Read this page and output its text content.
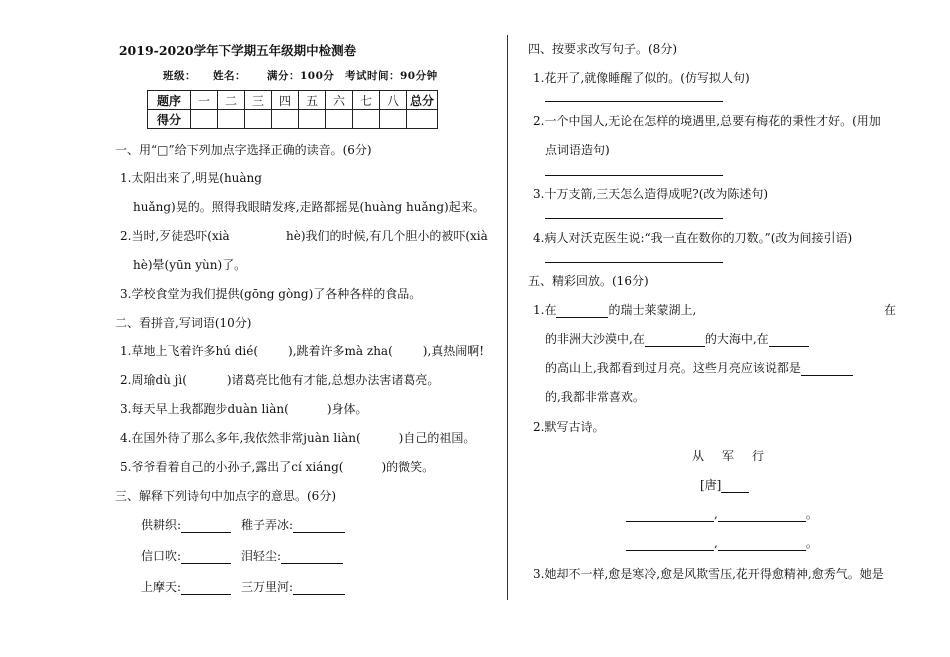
2019-2020学年下学期五年级期中检测卷
班级： 姓名： 满分：100分 考试时间：90分钟
题序	一	二	三	四	五	六	七	八	总分
得分									
一、用“□”给下列加点字选择正确的读音。(6分)
1.太阳出来了,明晃(huàng
huǎng)晃的。照得我眼睛发疼,走路都摇晃(huàng huǎng)起来。
2.当时,歹徒恐吓(xià	hè)我们的时候,有几个胆小的被吓(xià
hè)晕(yūn yùn)了。
3.学校食堂为我们提供(gōng gòng)了各种各样的食品。
二、看拼音,写词语(10分)
1.草地上飞着许多hú dié(	),跳着许多mà zha(	),真热闹啊!
2.周瑜dù jì(	)诸葛亮比他有才能,总想办法害诸葛亮。
3.每天早上我都跑步duàn liàn(	)身体。
4.在国外待了那么多年,我依然非常juàn liàn(	)自己的祖国。
5.爷爷看着自己的小孙子,露出了cí xiáng(	)的微笑。
三、解释下列诗句中加点字的意思。(6分)
供耕织:	稚子弄冰:
信口吹:	泪轻尘:
上摩天:	三万里河:
四、按要求改写句子。(8分)
1.花开了,就像睡醒了似的。(仿写拟人句)
2.一个中国人,无论在怎样的境遇里,总要有梅花的秉性才好。(用加
点词语造句)
3.十万支箭,三天怎么造得成呢?(改为陈述句)
4.病人对沃克医生说:“我一直在数你的刀数。”(改为间接引语)
五、精彩回放。(16分)
1.在	的瑞士莱蒙湖上,	在
的非洲大沙漠中,在	的大海中,在
的高山上,我都看到过月亮。这些月亮应该说都是
的,我都非常喜欢。
2.默写古诗。
从军行
[唐]
,	。
,	。
3.她却不一样,愈是寒冷,愈是风欺雪压,花开得愈精神,愈秀气。她是
